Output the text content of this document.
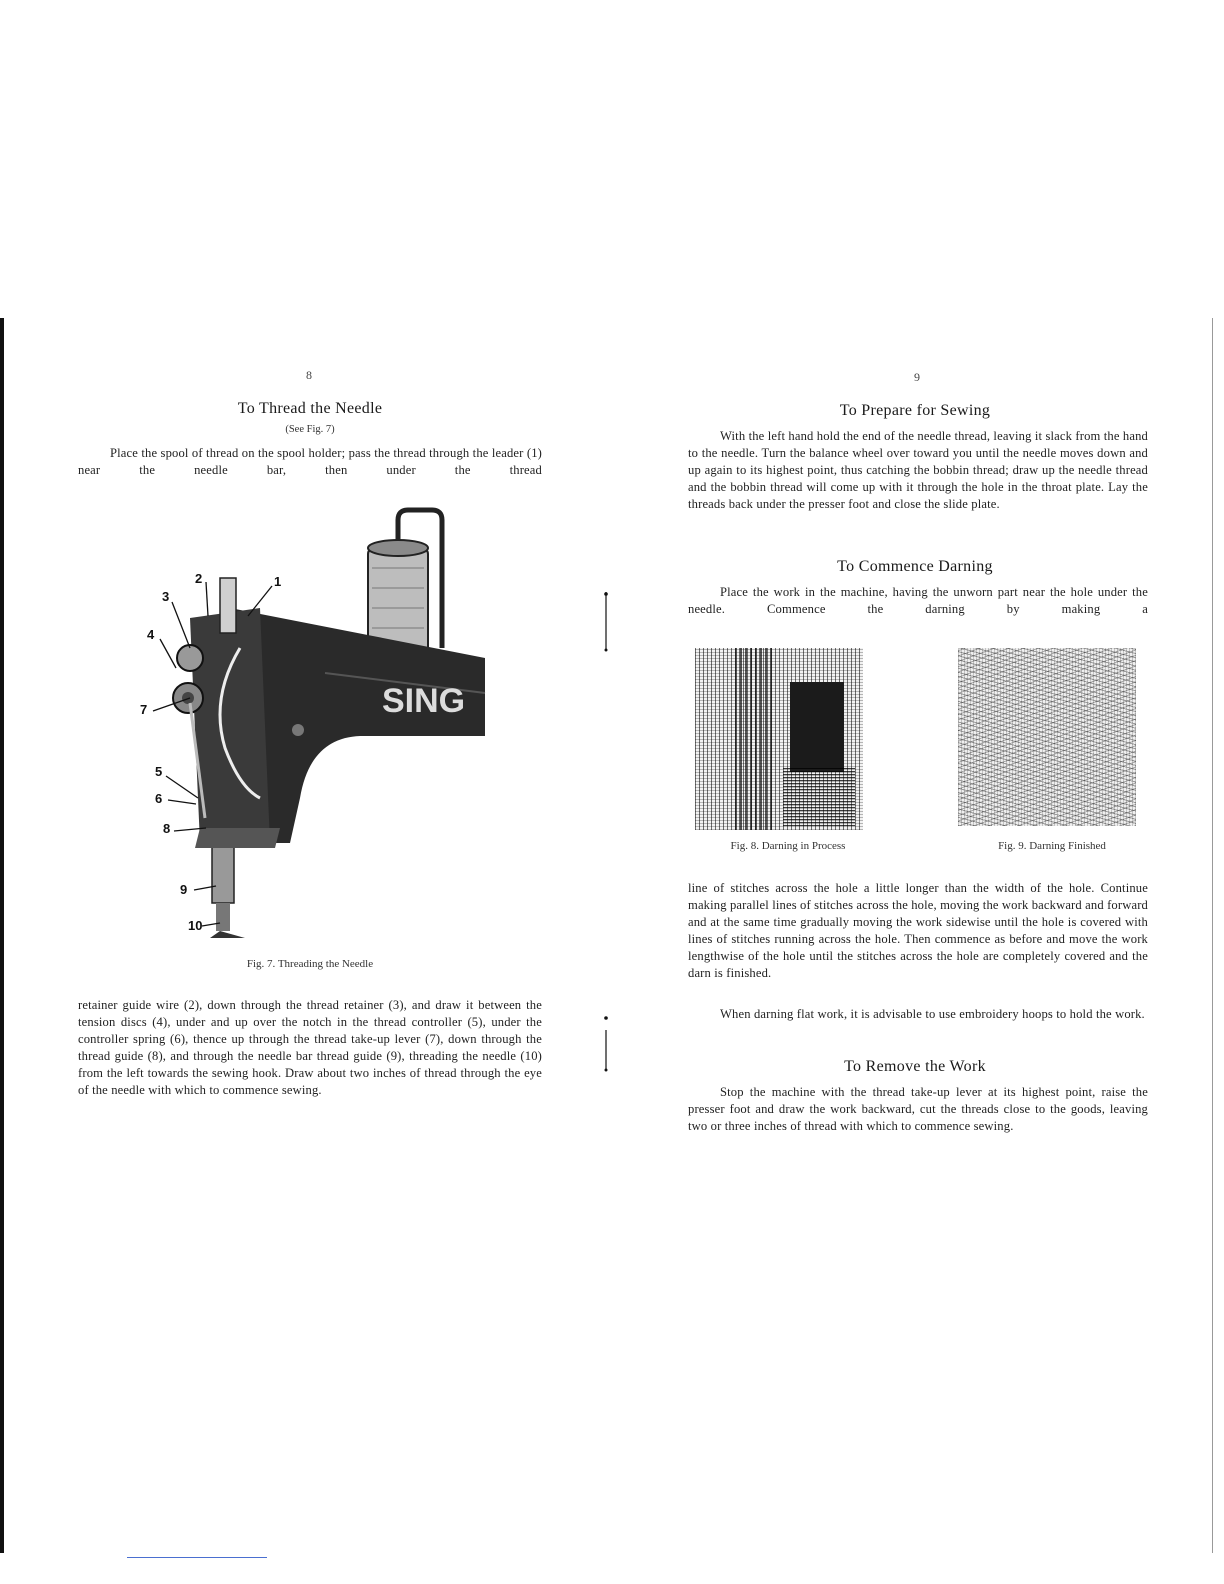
8
To Thread the Needle
(See Fig. 7)

Place the spool of thread on the spool holder; pass the thread through the leader (1) near the needle bar, then under the thread

SING
1
2
3
4
5
6
7
8
9
10
Fig. 7. Threading the Needle

retainer guide wire (2), down through the thread retainer (3), and draw it between the tension discs (4), under and up over the notch in the thread controller (5), under the controller spring (6), thence up through the thread take-up lever (7), down through the thread guide (8), and through the needle bar thread guide (9), threading the needle (10) from the left towards the sewing hook. Draw about two inches of thread through the eye of the needle with which to commence sewing.

9
To Prepare for Sewing

With the left hand hold the end of the needle thread, leaving it slack from the hand to the needle. Turn the balance wheel over toward you until the needle moves down and up again to its highest point, thus catching the bobbin thread; draw up the needle thread and the bobbin thread will come up with it through the hole in the throat plate. Lay the threads back under the presser foot and close the slide plate.

To Commence Darning

Place the work in the machine, having the unworn part near the hole under the needle. Commence the darning by making a

Fig. 8. Darning in Process	Fig. 9. Darning Finished

line of stitches across the hole a little longer than the width of the hole. Continue making parallel lines of stitches across the hole, moving the work backward and forward and at the same time gradually moving the work sidewise until the hole is covered with lines of stitches running across the hole. Then commence as before and move the work lengthwise of the hole until the stitches across the hole are completely covered and the darn is finished.

When darning flat work, it is advisable to use embroidery hoops to hold the work.

To Remove the Work

Stop the machine with the thread take-up lever at its highest point, raise the presser foot and draw the work backward, cut the threads close to the goods, leaving two or three inches of thread with which to commence sewing.
